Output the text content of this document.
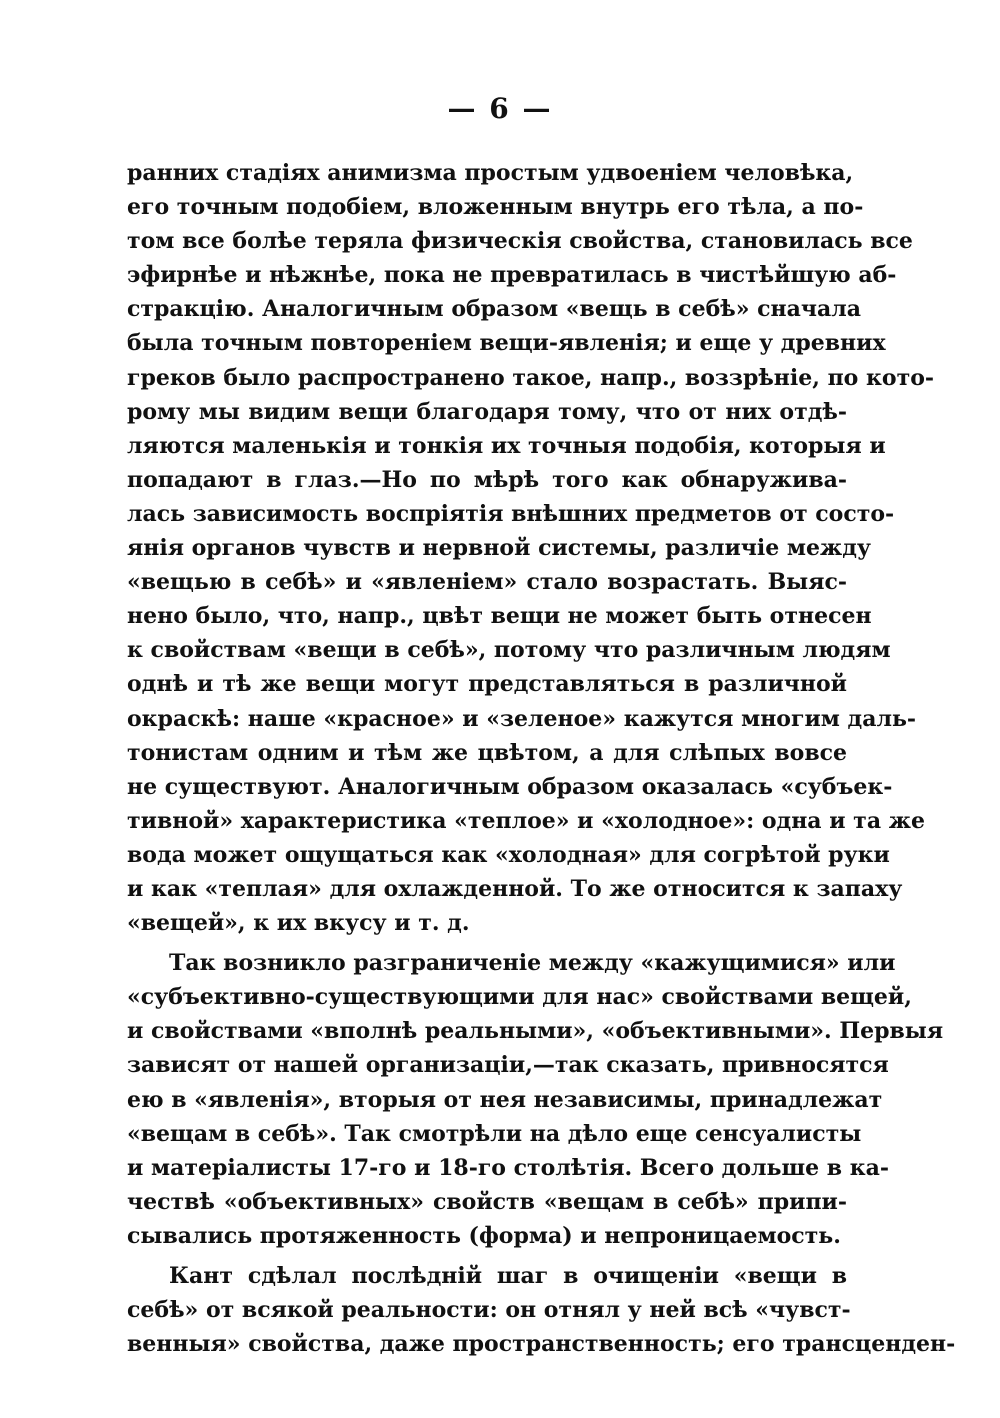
— 6 —
ранних стадіях анимизма простым удвоеніем человѣка,
его точным подобіем, вложенным внутрь его тѣла, а по-
том все болѣе теряла физическія свойства, становилась все
эфирнѣе и нѣжнѣе, пока не превратилась в чистѣйшую аб-
стракцію. Аналогичным образом «вещь в себѣ» сначала
была точным повтореніем вещи-явленія; и еще у древних
греков было распространено такое, напр., воззрѣніе, по кото-
рому мы видим вещи благодаря тому, что от них отдѣ-
ляются маленькія и тонкія их точныя подобія, которыя и
попадают в глаз.—Но по мѣрѣ того как обнаружива-
лась зависимость воспріятія внѣшних предметов от состо-
янія органов чувств и нервной системы, различіе между
«вещью в себѣ» и «явленіем» стало возрастать. Выяс-
нено было, что, напр., цвѣт вещи не может быть отнесен
к свойствам «вещи в себѣ», потому что различным людям
однѣ и тѣ же вещи могут представляться в различной
окраскѣ: наше «красное» и «зеленое» кажутся многим даль-
тонистам одним и тѣм же цвѣтом, а для слѣпых вовсе
не существуют. Аналогичным образом оказалась «субъек-
тивной» характеристика «теплое» и «холодное»: одна и та же
вода может ощущаться как «холодная» для согрѣтой руки
и как «теплая» для охлажденной. То же относится к запаху
«вещей», к их вкусу и т. д.
Так возникло разграниченіе между «кажущимися» или
«субъективно-существующими для нас» свойствами вещей,
и свойствами «вполнѣ реальными», «объективными». Первыя
зависят от нашей организаціи,—так сказать, привносятся
ею в «явленія», вторыя от нея независимы, принадлежат
«вещам в себѣ». Так смотрѣли на дѣло еще сенсуалисты
и матеріалисты 17-го и 18-го столѣтія. Всего дольше в ка-
чествѣ «объективных» свойств «вещам в себѣ» припи-
сывались протяженность (форма) и непроницаемость.
Кант сдѣлал послѣдній шаг в очищеніи «вещи в
себѣ» от всякой реальности: он отнял у ней всѣ «чувст-
венныя» свойства, даже пространственность; его трансценден-
